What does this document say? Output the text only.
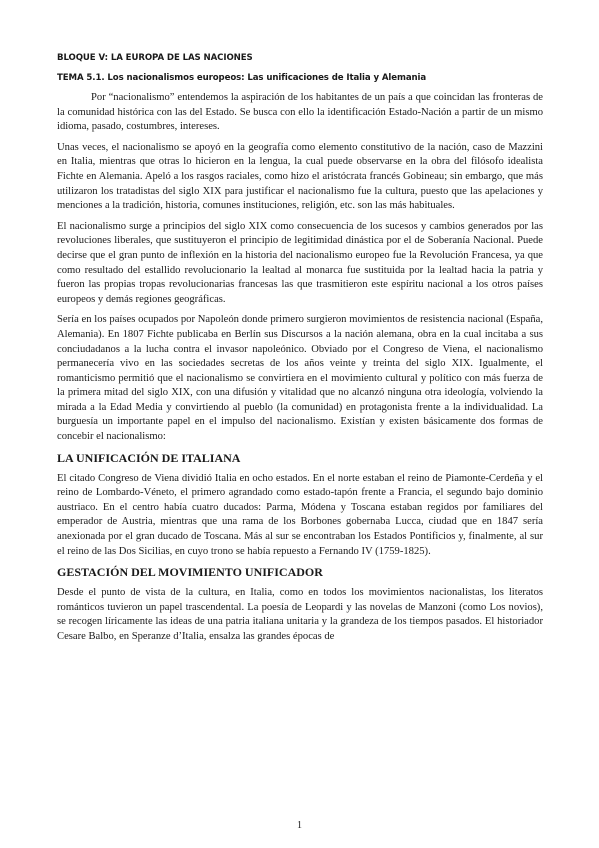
BLOQUE V: LA EUROPA DE LAS NACIONES
TEMA 5.1. Los nacionalismos europeos: Las unificaciones de Italia y Alemania

Por “nacionalismo” entendemos la aspiración de los habitantes de un país a que coincidan las fronteras de la comunidad histórica con las del Estado. Se busca con ello la identificación Estado-Nación a partir de un mismo idioma, pasado, costumbres, intereses.

Unas veces, el nacionalismo se apoyó en la geografía como elemento constitutivo de la nación, caso de Mazzini en Italia, mientras que otras lo hicieron en la lengua, la cual puede observarse en la obra del filósofo idealista Fichte en Alemania. Apeló a los rasgos raciales, como hizo el aristócrata francés Gobineau; sin embargo, que más utilizaron los tratadistas del siglo XIX para justificar el nacionalismo fue la cultura, puesto que las apelaciones y menciones a la tradición, historia, comunes instituciones, religión, etc. son las más habituales.

El nacionalismo surge a principios del siglo XIX como consecuencia de los sucesos y cambios generados por las revoluciones liberales, que sustituyeron el principio de legitimidad dinástica por el de Soberanía Nacional. Puede decirse que el gran punto de inflexión en la historia del nacionalismo europeo fue la Revolución Francesa, ya que como resultado del estallido revolucionario la lealtad al monarca fue sustituida por la lealtad hacia la patria y fueron las propias tropas revolucionarias francesas las que trasmitieron este espíritu nacional a los otros países europeos y demás regiones geográficas.

Sería en los países ocupados por Napoleón donde primero surgieron movimientos de resistencia nacional (España, Alemania). En 1807 Fichte publicaba en Berlín sus Discursos a la nación alemana, obra en la cual incitaba a sus conciudadanos a la lucha contra el invasor napoleónico. Obviado por el Congreso de Viena, el nacionalismo permanecería vivo en las sociedades secretas de los años veinte y treinta del siglo XIX. Igualmente, el romanticismo permitió que el nacionalismo se convirtiera en el movimiento cultural y político con más fuerza de la primera mitad del siglo XIX, con una difusión y vitalidad que no alcanzó ninguna otra ideología, volviendo la mirada a la Edad Media y convirtiendo al pueblo (la comunidad) en protagonista frente a la individualidad. La burguesía un importante papel en el impulso del nacionalismo. Existían y existen básicamente dos formas de concebir el nacionalismo:

LA UNIFICACIÓN DE ITALIANA

El citado Congreso de Viena dividió Italia en ocho estados. En el norte estaban el reino de Piamonte-Cerdeña y el reino de Lombardo-Véneto, el primero agrandado como estado-tapón frente a Francia, el segundo bajo dominio austriaco. En el centro había cuatro ducados: Parma, Módena y Toscana estaban regidos por familiares del emperador de Austria, mientras que una rama de los Borbones gobernaba Lucca, ciudad que en 1847 sería anexionada por el gran ducado de Toscana. Más al sur se encontraban los Estados Pontificios y, finalmente, al sur el reino de las Dos Sicilias, en cuyo trono se había repuesto a Fernando IV (1759-1825).

GESTACIÓN DEL MOVIMIENTO UNIFICADOR

Desde el punto de vista de la cultura, en Italia, como en todos los movimientos nacionalistas, los literatos románticos tuvieron un papel trascendental. La poesía de Leopardi y las novelas de Manzoni (como Los novios), se recogen líricamente las ideas de una patria italiana unitaria y la grandeza de los tiempos pasados. El historiador Cesare Balbo, en Speranze d’Italia, ensalza las grandes épocas de

1
